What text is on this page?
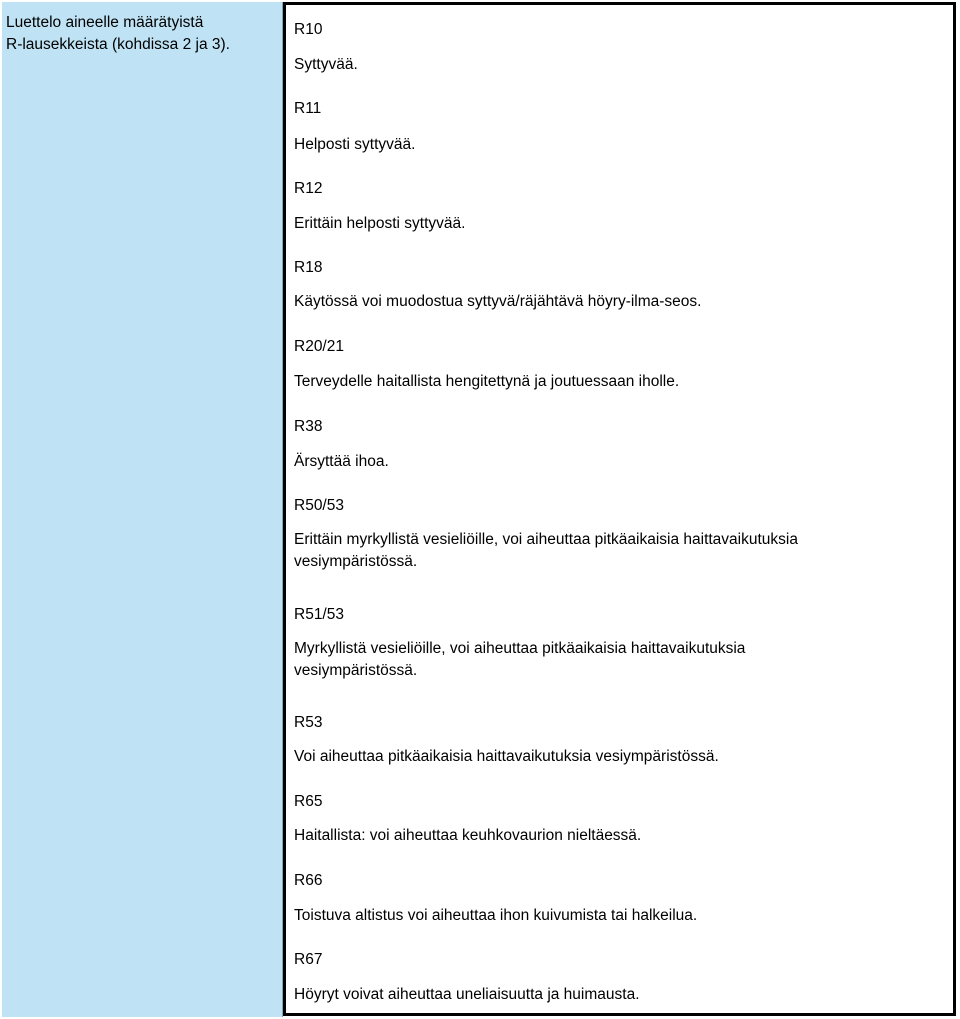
Luettelo aineelle määrätyistä
R-lausekkeista (kohdissa 2 ja 3).

R10

Syttyvää.

R11

Helposti syttyvää.

R12

Erittäin helposti syttyvää.

R18

Käytössä voi muodostua syttyvä/räjähtävä höyry-ilma-seos.

R20/21

Terveydelle haitallista hengitettynä ja joutuessaan iholle.

R38

Ärsyttää ihoa.

R50/53

Erittäin myrkyllistä vesieliöille, voi aiheuttaa pitkäaikaisia haittavaikutuksia

vesiympäristössä.

R51/53

Myrkyllistä vesieliöille, voi aiheuttaa pitkäaikaisia haittavaikutuksia

vesiympäristössä.

R53

Voi aiheuttaa pitkäaikaisia haittavaikutuksia vesiympäristössä.

R65

Haitallista: voi aiheuttaa keuhkovaurion nieltäessä.

R66

Toistuva altistus voi aiheuttaa ihon kuivumista tai halkeilua.

R67

Höyryt voivat aiheuttaa uneliaisuutta ja huimausta.
